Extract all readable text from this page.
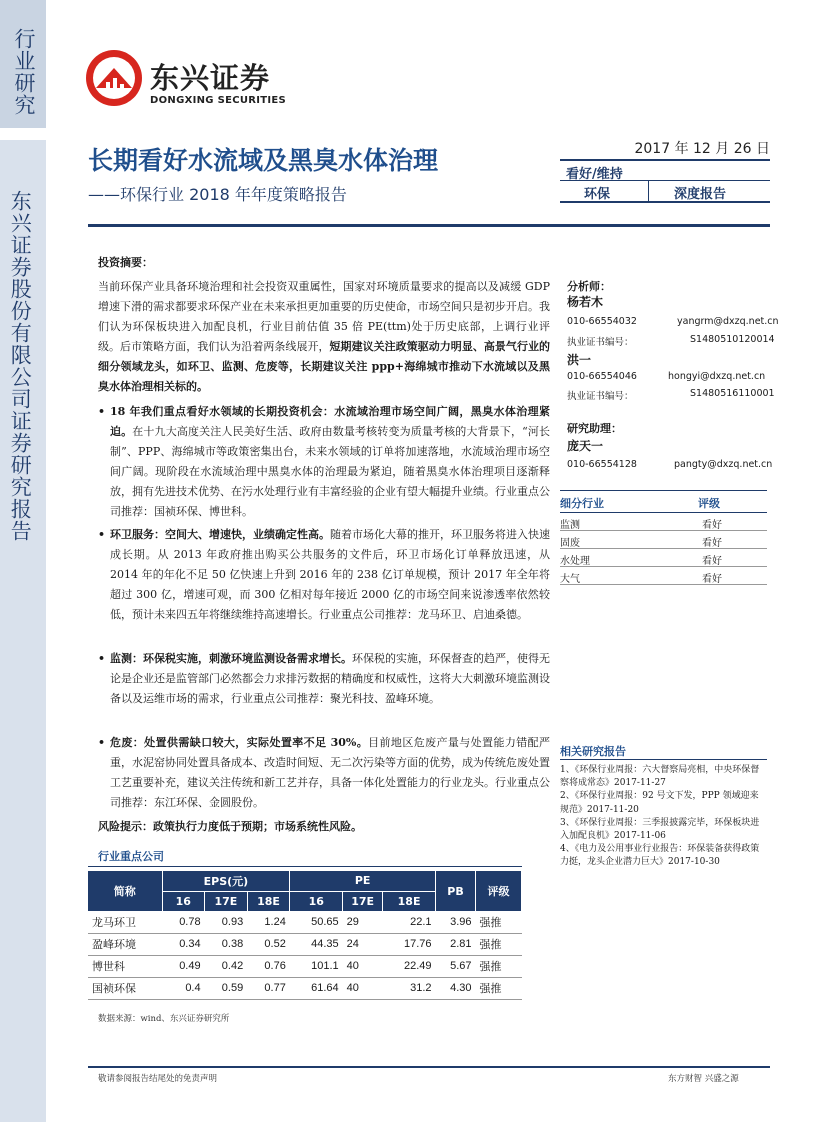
行业研究
东兴证券股份有限公司证券研究报告
东兴证券
DONGXING SECURITIES
长期看好水流域及黑臭水体治理
——环保行业 2018 年年度策略报告
2017 年 12 月 26 日
看好/维持
环保	深度报告
投资摘要：
当前环保产业具备环境治理和社会投资双重属性，国家对环境质量要求的提高以及减缓 GDP 增速下滑的需求都要求环保产业在未来承担更加重要的历史使命，市场空间只是初步开启。我们认为环保板块进入加配良机，行业目前估值 35 倍 PE(ttm)处于历史底部，上调行业评级。后市策略方面，我们认为沿着两条线展开，短期建议关注政策驱动力明显、高景气行业的细分领域龙头，如环卫、监测、危废等，长期建议关注 ppp+海绵城市推动下水流域以及黑臭水体治理相关标的。
• 18 年我们重点看好水领域的长期投资机会：水流域治理市场空间广阔，黑臭水体治理紧迫。在十九大高度关注人民美好生活、政府由数量考核转变为质量考核的大背景下，“河长制”、PPP、海绵城市等政策密集出台，未来水领域的订单将加速落地，水流域治理市场空间广阔。现阶段在水流域治理中黑臭水体的治理最为紧迫，随着黑臭水体治理项目逐渐释放，拥有先进技术优势、在污水处理行业有丰富经验的企业有望大幅提升业绩。行业重点公司推荐：国祯环保、博世科。
• 环卫服务：空间大、增速快，业绩确定性高。随着市场化大幕的推开，环卫服务将进入快速成长期。从 2013 年政府推出购买公共服务的文件后，环卫市场化订单释放迅速，从 2014 年的年化不足 50 亿快速上升到 2016 年的 238 亿订单规模，预计 2017 年全年将超过 300 亿，增速可观，而 300 亿相对每年接近 2000 亿的市场空间来说渗透率依然较低，预计未来四五年将继续维持高速增长。行业重点公司推荐：龙马环卫、启迪桑德。
• 监测：环保税实施，刺激环境监测设备需求增长。环保税的实施，环保督查的趋严，使得无论是企业还是监管部门必然都会力求排污数据的精确度和权威性，这将大大刺激环境监测设备以及运维市场的需求，行业重点公司推荐：聚光科技、盈峰环境。
• 危废：处置供需缺口较大，实际处置率不足 30%。目前地区危废产量与处置能力错配严重，水泥窑协同处置具备成本、改造时间短、无二次污染等方面的优势，成为传统危废处置工艺重要补充，建议关注传统和新工艺并存，具备一体化处置能力的行业龙头。行业重点公司推荐：东江环保、金圆股份。
风险提示：政策执行力度低于预期；市场系统性风险。
分析师：
杨若木
010-66554032	yangrm@dxzq.net.cn
执业证书编号：	S1480510120014
洪一
010-66554046	hongyi@dxzq.net.cn
执业证书编号：	S1480516110001
研究助理：
庞天一
010-66554128	pangty@dxzq.net.cn
细分行业	评级
监测	看好
固废	看好
水处理	看好
大气	看好
相关研究报告
1、《环保行业周报：六大督察局亮相，中央环保督察将成常态》2017-11-27
2、《环保行业周报：92 号文下发，PPP 领域迎来规范》2017-11-20
3、《环保行业周报：三季报披露完毕，环保板块进入加配良机》2017-11-06
4、《电力及公用事业行业报告：环保装备获得政策力挺，龙头企业潜力巨大》2017-10-30
行业重点公司
简称	EPS(元)			PE			PB	评级
	16	17E	18E	16	17E	18E		
龙马环卫	0.78	0.93	1.24	50.65	29	22.1	3.96	强推
盈峰环境	0.34	0.38	0.52	44.35	24	17.76	2.81	强推
博世科	0.49	0.42	0.76	101.1	40	22.49	5.67	强推
国祯环保	0.4	0.59	0.77	61.64	40	31.2	4.30	强推
数据来源：wind、东兴证券研究所
敬请参阅报告结尾处的免责声明	东方财智 兴盛之源
